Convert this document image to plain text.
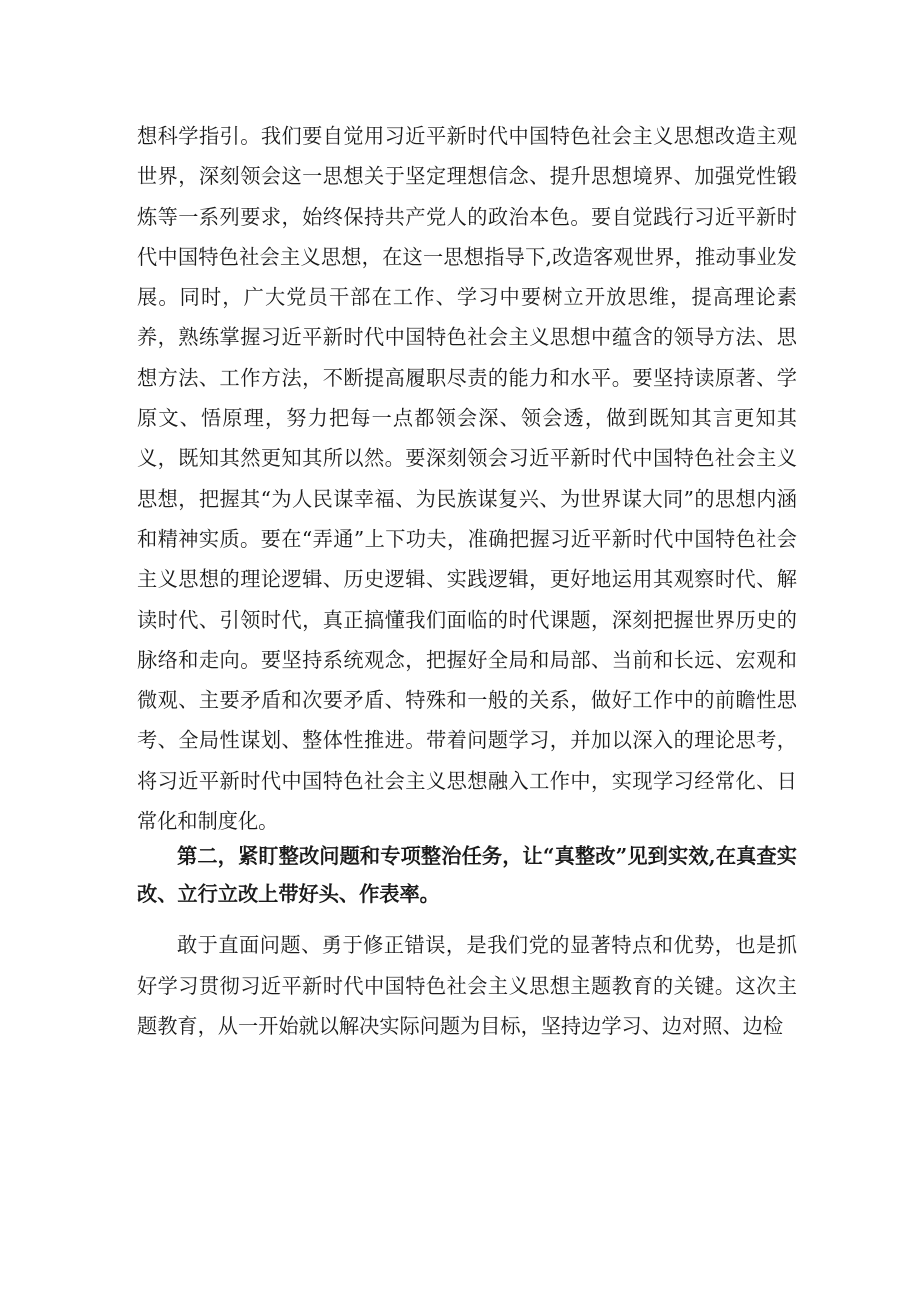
想科学指引。我们要自觉用习近平新时代中国特色社会主义思想改造主观世界，深刻领会这一思想关于坚定理想信念、提升思想境界、加强党性锻炼等一系列要求，始终保持共产党人的政治本色。要自觉践行习近平新时代中国特色社会主义思想，在这一思想指导下,改造客观世界，推动事业发展。同时，广大党员干部在工作、学习中要树立开放思维，提高理论素养，熟练掌握习近平新时代中国特色社会主义思想中蕴含的领导方法、思想方法、工作方法，不断提高履职尽责的能力和水平。要坚持读原著、学原文、悟原理，努力把每一点都领会深、领会透，做到既知其言更知其义，既知其然更知其所以然。要深刻领会习近平新时代中国特色社会主义思想，把握其“为人民谋幸福、为民族谋复兴、为世界谋大同”的思想内涵和精神实质。要在“弄通”上下功夫，准确把握习近平新时代中国特色社会主义思想的理论逻辑、历史逻辑、实践逻辑，更好地运用其观察时代、解读时代、引领时代，真正搞懂我们面临的时代课题，深刻把握世界历史的脉络和走向。要坚持系统观念，把握好全局和局部、当前和长远、宏观和微观、主要矛盾和次要矛盾、特殊和一般的关系，做好工作中的前瞻性思考、全局性谋划、整体性推进。带着问题学习，并加以深入的理论思考，将习近平新时代中国特色社会主义思想融入工作中，实现学习经常化、日常化和制度化。

第二，紧盯整改问题和专项整治任务，让“真整改”见到实效,在真查实改、立行立改上带好头、作表率。

敢于直面问题、勇于修正错误，是我们党的显著特点和优势，也是抓好学习贯彻习近平新时代中国特色社会主义思想主题教育的关键。这次主题教育，从一开始就以解决实际问题为目标，坚持边学习、边对照、边检
